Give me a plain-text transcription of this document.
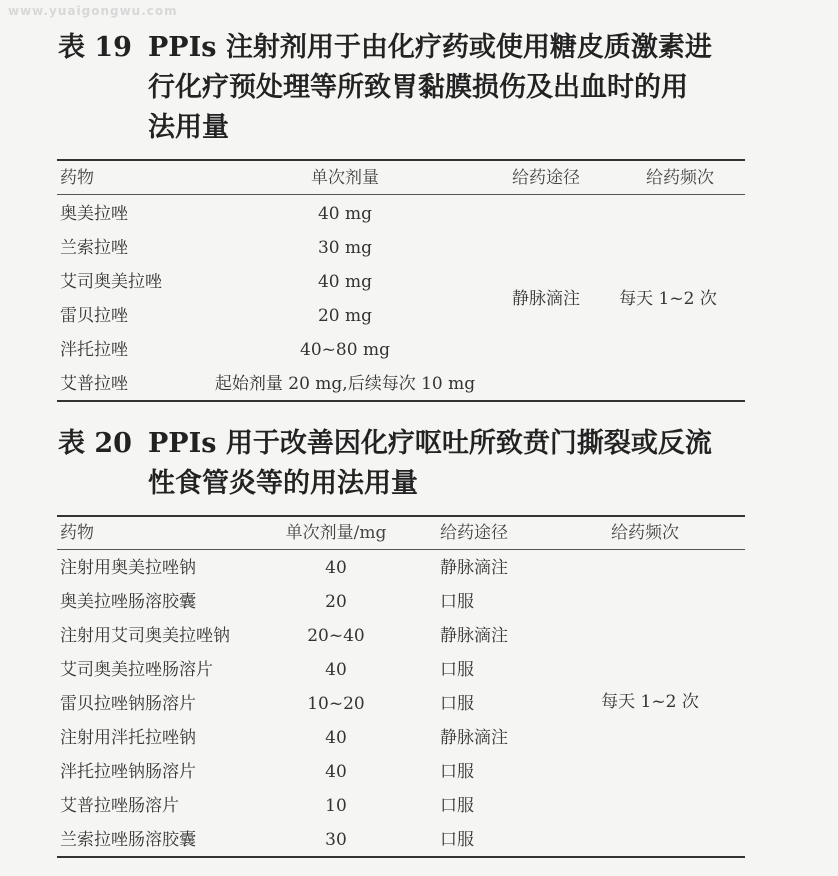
www.yuaigongwu.com
表 19 PPIs 注射剂用于由化疗药或使用糖皮质激素进
行化疗预处理等所致胃黏膜损伤及出血时的用
法用量
药物	单次剂量	给药途径	给药频次
奥美拉唑	40 mg
兰索拉唑	30 mg
艾司奥美拉唑	40 mg
雷贝拉唑	20 mg
泮托拉唑	40~80 mg
艾普拉唑	起始剂量 20 mg,后续每次 10 mg
静脉滴注 每天 1~2 次
表 20 PPIs 用于改善因化疗呕吐所致贲门撕裂或反流
性食管炎等的用法用量
药物	单次剂量/mg	给药途径	给药频次
注射用奥美拉唑钠	40	静脉滴注
奥美拉唑肠溶胶囊	20	口服
注射用艾司奥美拉唑钠	20~40	静脉滴注
艾司奥美拉唑肠溶片	40	口服
雷贝拉唑钠肠溶片	10~20	口服
注射用泮托拉唑钠	40	静脉滴注
泮托拉唑钠肠溶片	40	口服
艾普拉唑肠溶片	10	口服
兰索拉唑肠溶胶囊	30	口服
每天 1~2 次
